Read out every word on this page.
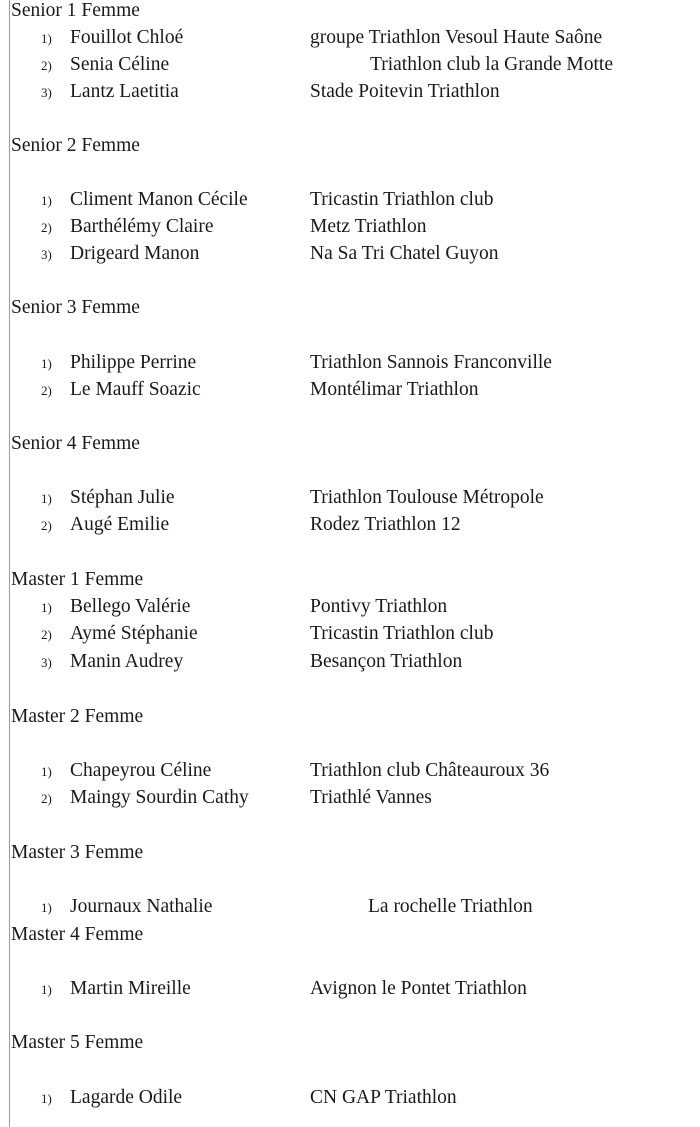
Senior 1 Femme
1) Fouillot Chloé	groupe Triathlon Vesoul Haute Saône
2) Senia Céline	Triathlon club la Grande Motte
3) Lantz Laetitia	Stade Poitevin Triathlon
Senior 2 Femme
1) Climent Manon Cécile	Tricastin Triathlon club
2) Barthélémy Claire	Metz Triathlon
3) Drigeard Manon	Na Sa Tri Chatel Guyon
Senior 3 Femme
1) Philippe Perrine	Triathlon Sannois Franconville
2) Le Mauff Soazic	Montélimar Triathlon
Senior 4 Femme
1) Stéphan Julie	Triathlon Toulouse Métropole
2) Augé Emilie	Rodez Triathlon 12
Master 1 Femme
1) Bellego Valérie	Pontivy Triathlon
2) Aymé Stéphanie	Tricastin Triathlon club
3) Manin Audrey	Besançon Triathlon
Master 2 Femme
1) Chapeyrou Céline	Triathlon club Châteauroux 36
2) Maingy Sourdin Cathy	Triathlé Vannes
Master 3 Femme
1) Journaux Nathalie	La rochelle Triathlon
Master 4 Femme
1) Martin Mireille	Avignon le Pontet Triathlon
Master 5 Femme
1) Lagarde Odile	CN GAP Triathlon
